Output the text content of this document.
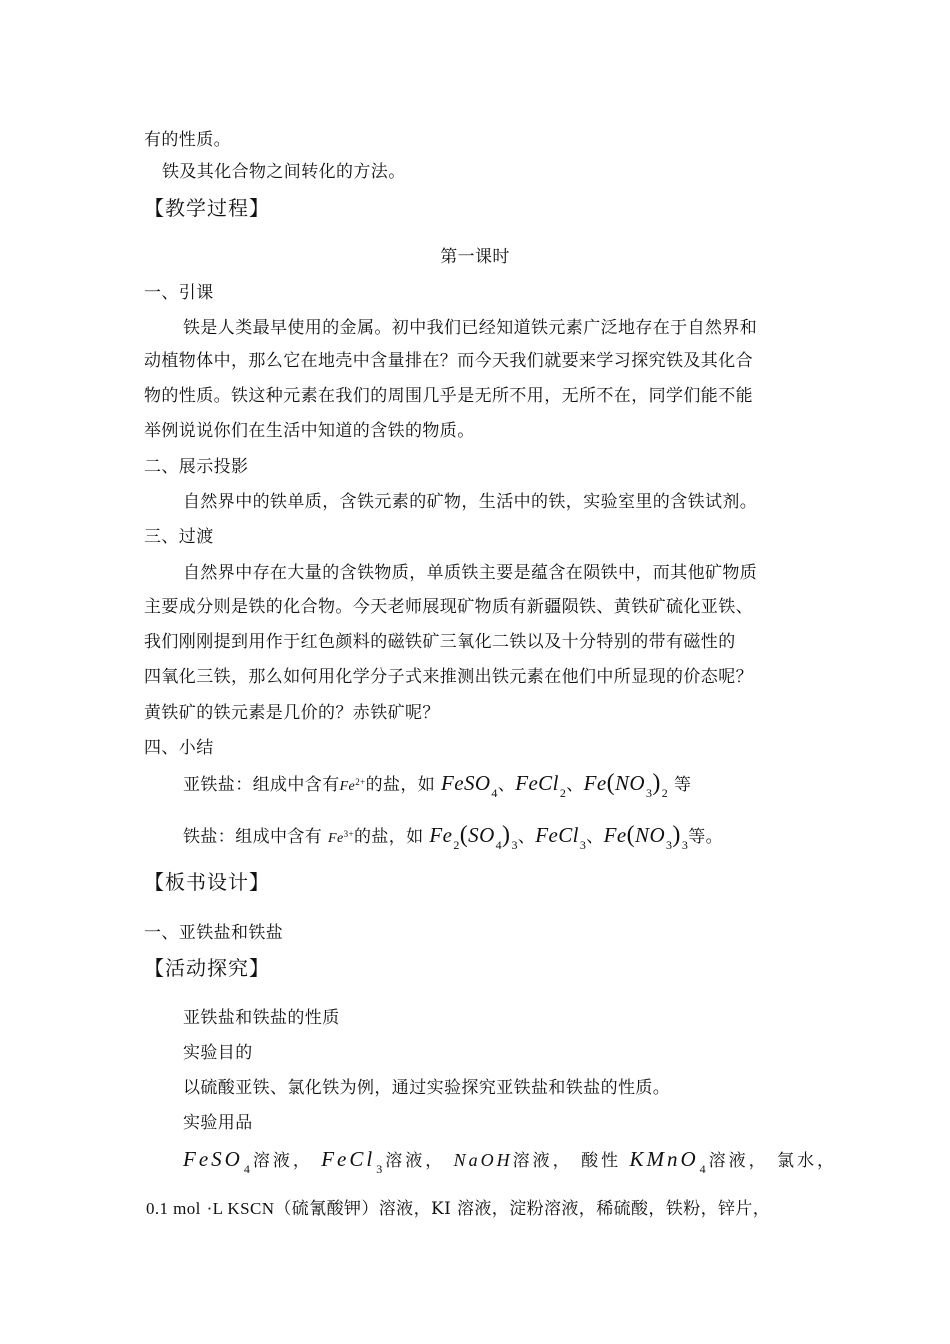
有的性质。
铁及其化合物之间转化的方法。
【教学过程】
第一课时
一、引课
铁是人类最早使用的金属。初中我们已经知道铁元素广泛地存在于自然界和
动植物体中，那么它在地壳中含量排在？而今天我们就要来学习探究铁及其化合
物的性质。铁这种元素在我们的周围几乎是无所不用，无所不在，同学们能不能
举例说说你们在生活中知道的含铁的物质。
二、展示投影
自然界中的铁单质，含铁元素的矿物，生活中的铁，实验室里的含铁试剂。
三、过渡
自然界中存在大量的含铁物质，单质铁主要是蕴含在陨铁中，而其他矿物质
主要成分则是铁的化合物。今天老师展现矿物质有新疆陨铁、黄铁矿硫化亚铁、
我们刚刚提到用作于红色颜料的磁铁矿三氧化二铁以及十分特别的带有磁性的
四氧化三铁，那么如何用化学分子式来推测出铁元素在他们中所显现的价态呢？
黄铁矿的铁元素是几价的？赤铁矿呢？
四、小结
亚铁盐：组成中含有$Fe^{2+}$的盐，如 FeSO$_4$、FeCl$_2$、$Fe(NO_3)_2$ 等
铁盐：组成中含有 $Fe^{3+}$的盐，如 $Fe_2(SO_4)_3$、FeCl$_3$、$Fe(NO_3)_3$等。
【板书设计】
一、亚铁盐和铁盐
【活动探究】
亚铁盐和铁盐的性质
实验目的
以硫酸亚铁、氯化铁为例，通过实验探究亚铁盐和铁盐的性质。
实验用品
FeSO$_4$溶液， FeCl$_3$溶液， NaOH溶液， 酸性 KMnO$_4$溶液， 氯水，
0.1 mol ·L KSCN（硫氰酸钾）溶液，KI 溶液，淀粉溶液，稀硫酸，铁粉，锌片，
